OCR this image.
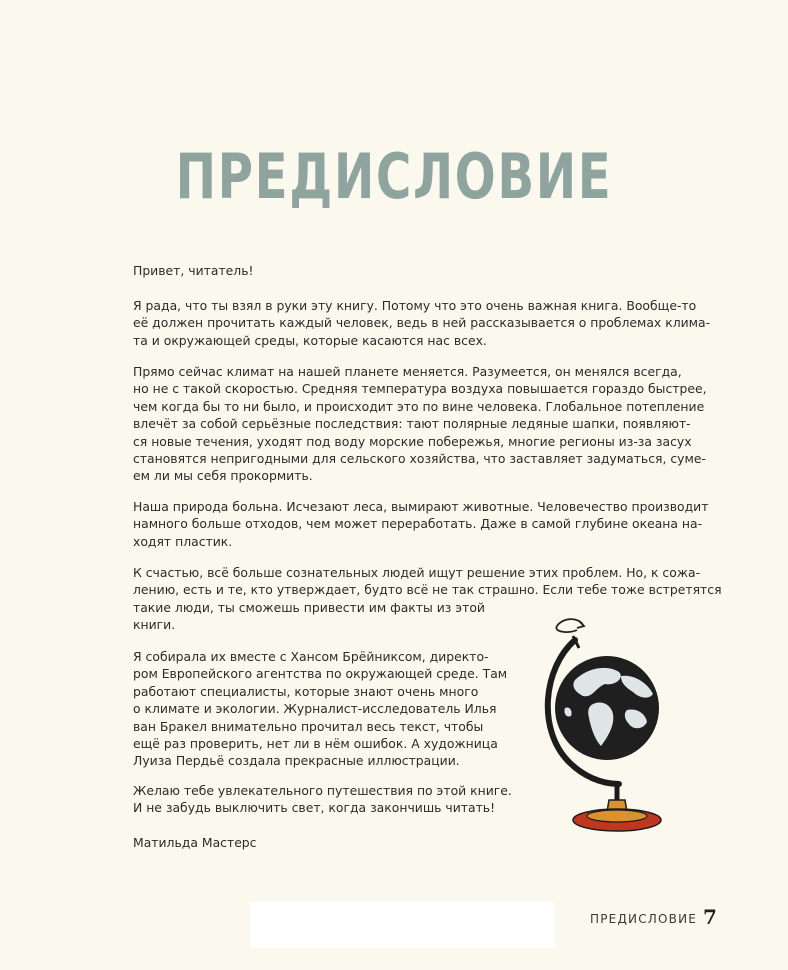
ПРЕДИСЛОВИЕ

Привет, читатель!

Я рада, что ты взял в руки эту книгу. Потому что это очень важная книга. Вообще-то
её должен прочитать каждый человек, ведь в ней рассказывается о проблемах клима-
та и окружающей среды, которые касаются нас всех.

Прямо сейчас климат на нашей планете меняется. Разумеется, он менялся всегда,
но не с такой скоростью. Средняя температура воздуха повышается гораздо быстрее,
чем когда бы то ни было, и происходит это по вине человека. Глобальное потепление
влечёт за собой серьёзные последствия: тают полярные ледяные шапки, появляют-
ся новые течения, уходят под воду морские побережья, многие регионы из-за засух
становятся непригодными для сельского хозяйства, что заставляет задуматься, суме-
ем ли мы себя прокормить.

Наша природа больна. Исчезают леса, вымирают животные. Человечество производит
намного больше отходов, чем может переработать. Даже в самой глубине океана на-
ходят пластик.

К счастью, всё больше сознательных людей ищут решение этих проблем. Но, к сожа-
лению, есть и те, кто утверждает, будто всё не так страшно. Если тебе тоже встретятся
такие люди, ты сможешь привести им факты из этой
книги.

Я собирала их вместе с Хансом Брёйниксом, директо-
ром Европейского агентства по окружающей среде. Там
работают специалисты, которые знают очень много
о климате и экологии. Журналист-исследователь Илья
ван Бракел внимательно прочитал весь текст, чтобы
ещё раз проверить, нет ли в нём ошибок. А художница
Луиза Пердьё создала прекрасные иллюстрации.

Желаю тебе увлекательного путешествия по этой книге.
И не забудь выключить свет, когда закончишь читать!

Матильда Мастерс

ПРЕДИСЛОВИЕ 7
